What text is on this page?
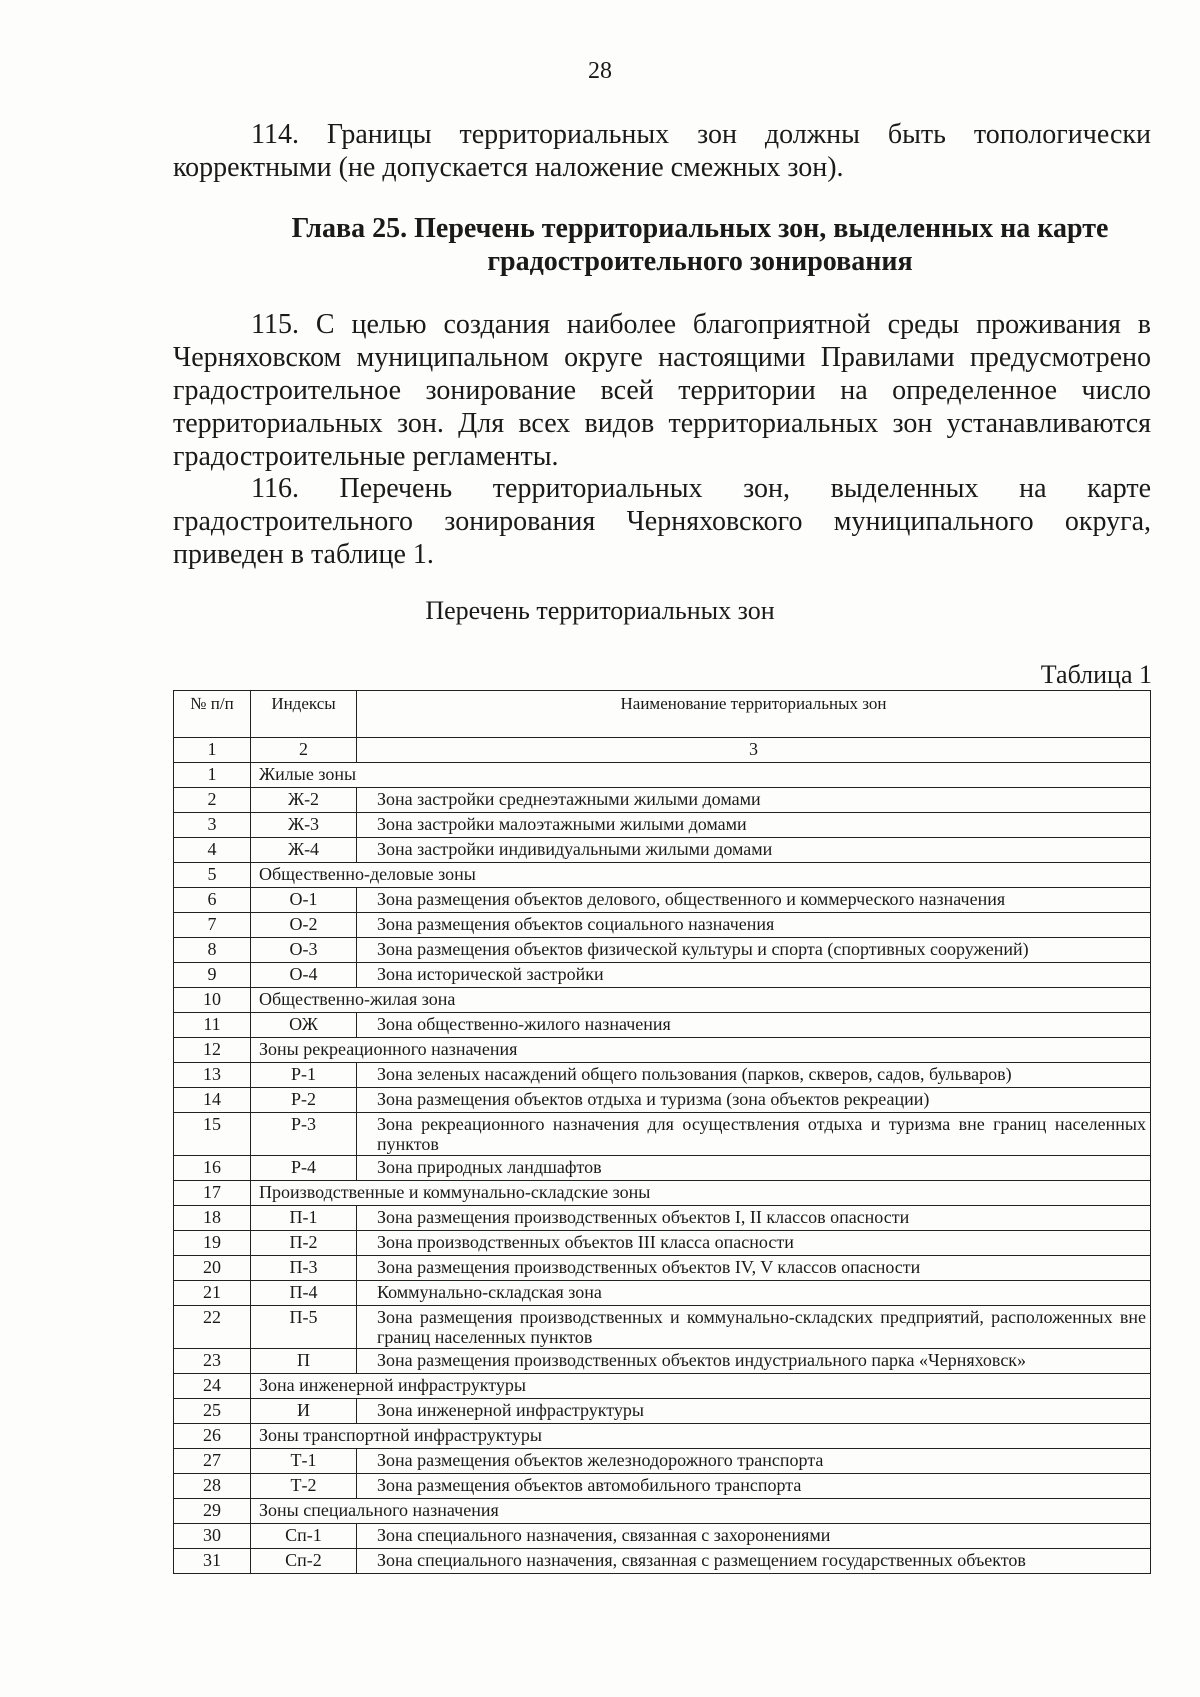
28
114. Границы территориальных зон должны быть топологически корректными (не допускается наложение смежных зон).
Глава 25. Перечень территориальных зон, выделенных на карте градостроительного зонирования
115. С целью создания наиболее благоприятной среды проживания в Черняховском муниципальном округе настоящими Правилами предусмотрено градостроительное зонирование всей территории на определенное число территориальных зон. Для всех видов территориальных зон устанавливаются градостроительные регламенты.
116. Перечень территориальных зон, выделенных на карте градостроительного зонирования Черняховского муниципального округа, приведен в таблице 1.
Перечень территориальных зон
Таблица 1
№ п/п	Индексы	Наименование территориальных зон
1	2	3
1	Жилые зоны	
2	Ж-2	Зона застройки среднеэтажными жилыми домами
3	Ж-3	Зона застройки малоэтажными жилыми домами
4	Ж-4	Зона застройки индивидуальными жилыми домами
5	Общественно-деловые зоны	
6	О-1	Зона размещения объектов делового, общественного и коммерческого назначения
7	О-2	Зона размещения объектов социального назначения
8	О-3	Зона размещения объектов физической культуры и спорта (спортивных сооружений)
9	О-4	Зона исторической застройки
10	Общественно-жилая зона	
11	ОЖ	Зона общественно-жилого назначения
12	Зоны рекреационного назначения	
13	Р-1	Зона зеленых насаждений общего пользования (парков, скверов, садов, бульваров)
14	Р-2	Зона размещения объектов отдыха и туризма (зона объектов рекреации)
15	Р-3	Зона рекреационного назначения для осуществления отдыха и туризма вне границ населенных пунктов
16	Р-4	Зона природных ландшафтов
17	Производственные и коммунально-складские зоны	
18	П-1	Зона размещения производственных объектов I, II классов опасности
19	П-2	Зона производственных объектов III класса опасности
20	П-3	Зона размещения производственных объектов IV, V классов опасности
21	П-4	Коммунально-складская зона
22	П-5	Зона размещения производственных и коммунально-складских предприятий, расположенных вне границ населенных пунктов
23	П	Зона размещения производственных объектов индустриального парка «Черняховск»
24	Зона инженерной инфраструктуры	
25	И	Зона инженерной инфраструктуры
26	Зоны транспортной инфраструктуры	
27	Т-1	Зона размещения объектов железнодорожного транспорта
28	Т-2	Зона размещения объектов автомобильного транспорта
29	Зоны специального назначения	
30	Сп-1	Зона специального назначения, связанная с захоронениями
31	Сп-2	Зона специального назначения, связанная с размещением государственных объектов
